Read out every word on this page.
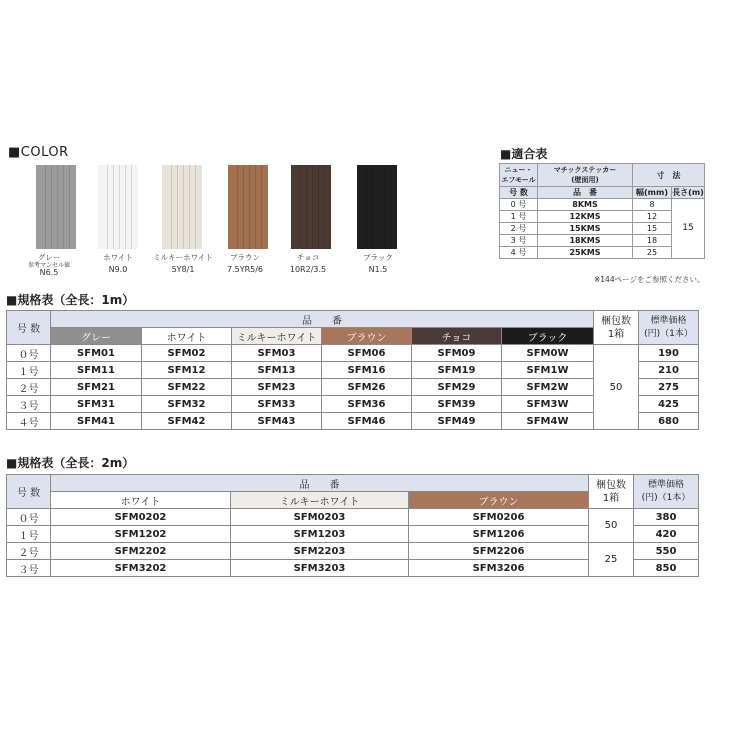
■COLOR
グレー
N6.5
ホワイト
N9.0
ミルキーホワイト
5Y8/1
ブラウン
7.5YR5/6
チョコ
10R2/3.5
ブラック
N1.5
参考マンセル値
■適合表
ニュー・
エフモール	マチックステッカー
(壁面用)	寸　法	
号 数	品　番	幅(mm)	長さ(m)
0 号	8KMS	8	15
1 号	12KMS	12	
2 号	15KMS	15	
3 号	18KMS	18	
4 号	25KMS	25	
※144ページをご参照ください。
■規格表（全長：1m）
号 数	品　　番						梱包数
1箱	標準価格
(円)（1本）
	グレー	ホワイト	ミルキーホワイト	ブラウン	チョコ	ブラック		
０号	SFM01	SFM02	SFM03	SFM06	SFM09	SFM0W	50	190
１号	SFM11	SFM12	SFM13	SFM16	SFM19	SFM1W		210
２号	SFM21	SFM22	SFM23	SFM26	SFM29	SFM2W		275
３号	SFM31	SFM32	SFM33	SFM36	SFM39	SFM3W		425
４号	SFM41	SFM42	SFM43	SFM46	SFM49	SFM4W		680
■規格表（全長：2m）
号 数	品　　番			梱包数
1箱	標準価格
(円)（1本）
	ホワイト	ミルキーホワイト	ブラウン		
０号	SFM0202	SFM0203	SFM0206	50	380
１号	SFM1202	SFM1203	SFM1206		420
２号	SFM2202	SFM2203	SFM2206	25	550
３号	SFM3202	SFM3203	SFM3206		850
